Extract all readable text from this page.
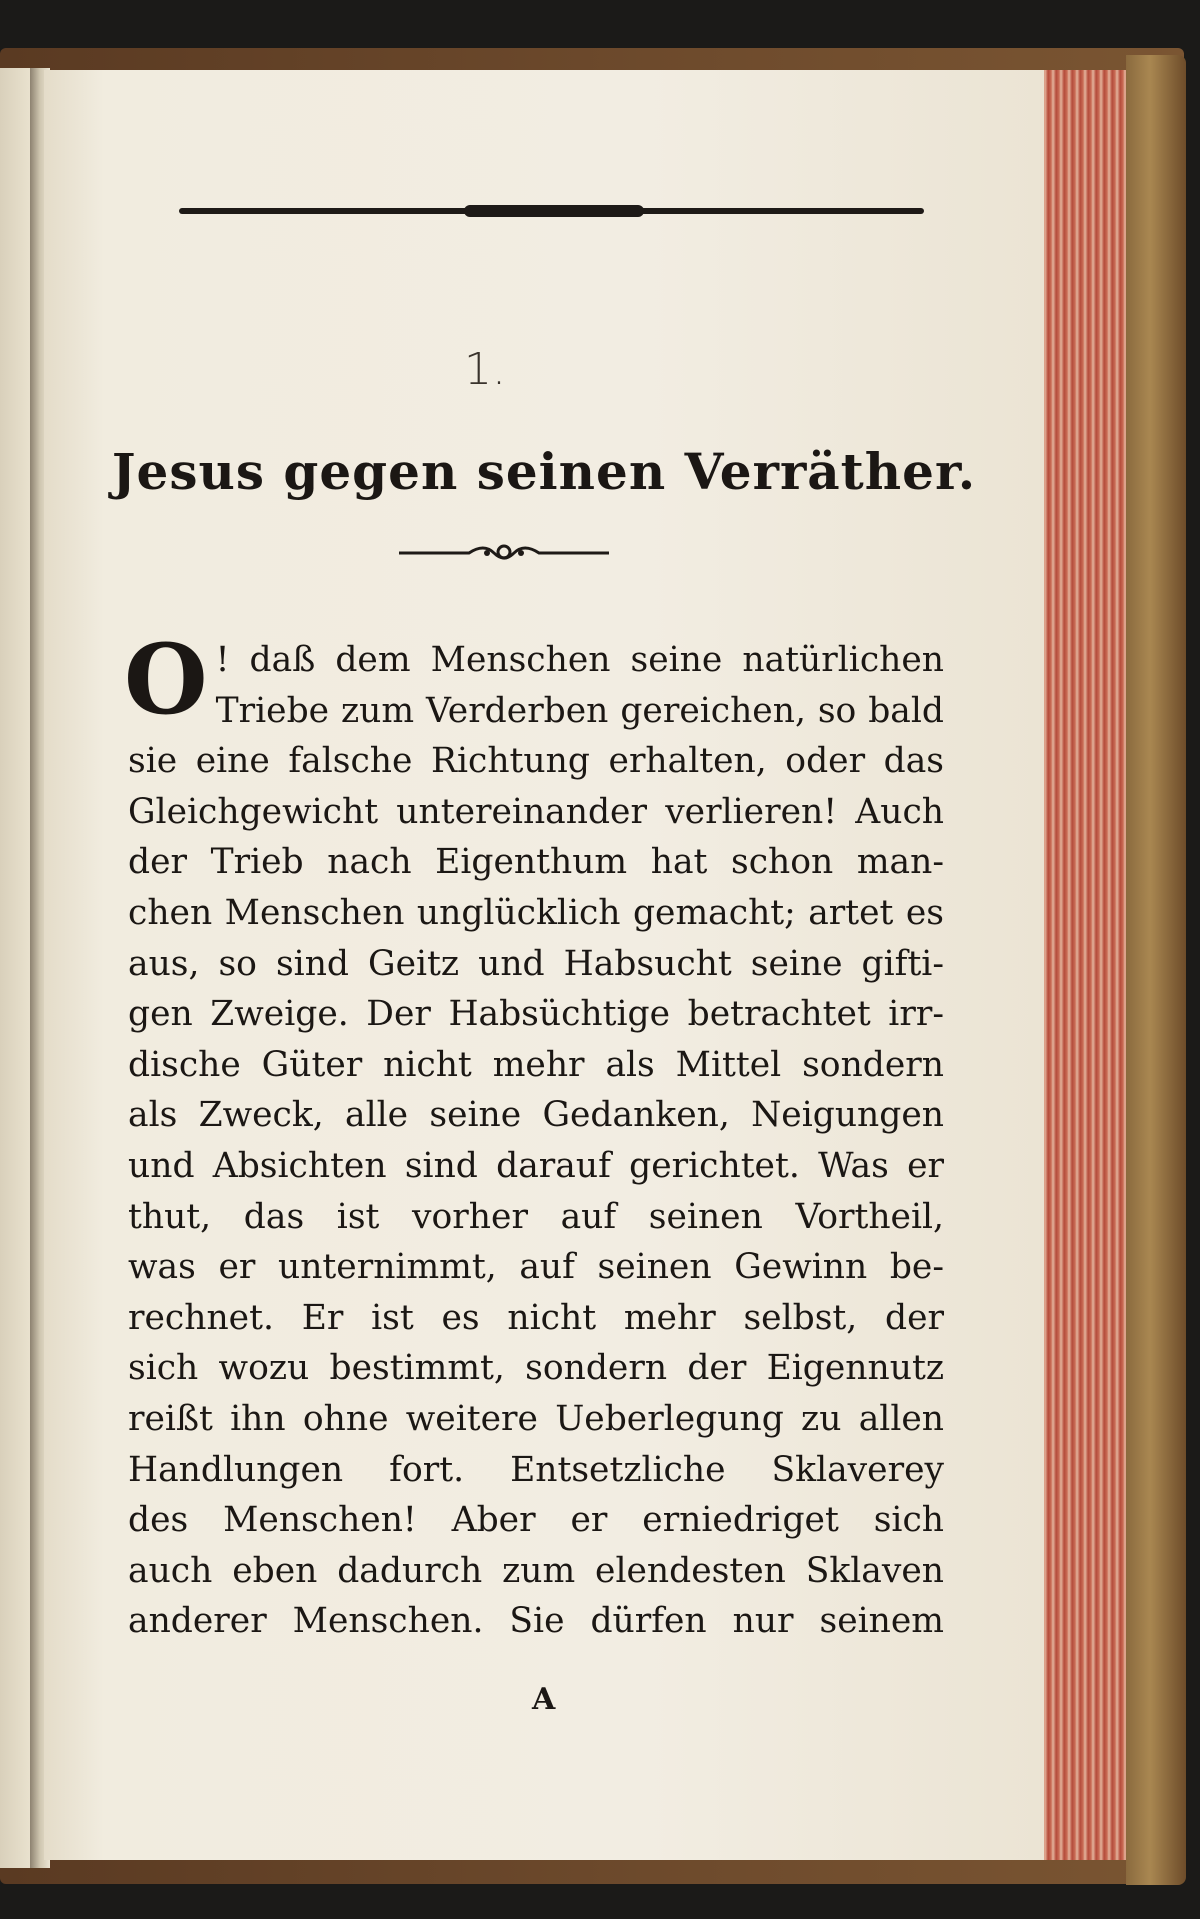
1.
Jesus gegen seinen Verräther.
O ! daß dem Menschen seine natürlichen
Triebe zum Verderben gereichen, so bald
sie eine falsche Richtung erhalten, oder das
Gleichgewicht untereinander verlieren! Auch
der Trieb nach Eigenthum hat schon man-
chen Menschen unglücklich gemacht; artet es
aus, so sind Geitz und Habsucht seine gifti-
gen Zweige. Der Habsüchtige betrachtet irr-
dische Güter nicht mehr als Mittel sondern
als Zweck, alle seine Gedanken, Neigungen
und Absichten sind darauf gerichtet. Was er
thut, das ist vorher auf seinen Vortheil,
was er unternimmt, auf seinen Gewinn be-
rechnet. Er ist es nicht mehr selbst, der
sich wozu bestimmt, sondern der Eigennutz
reißt ihn ohne weitere Ueberlegung zu allen
Handlungen fort. Entsetzliche Sklaverey
des Menschen! Aber er erniedriget sich
auch eben dadurch zum elendesten Sklaven
anderer Menschen. Sie dürfen nur seinem
A
